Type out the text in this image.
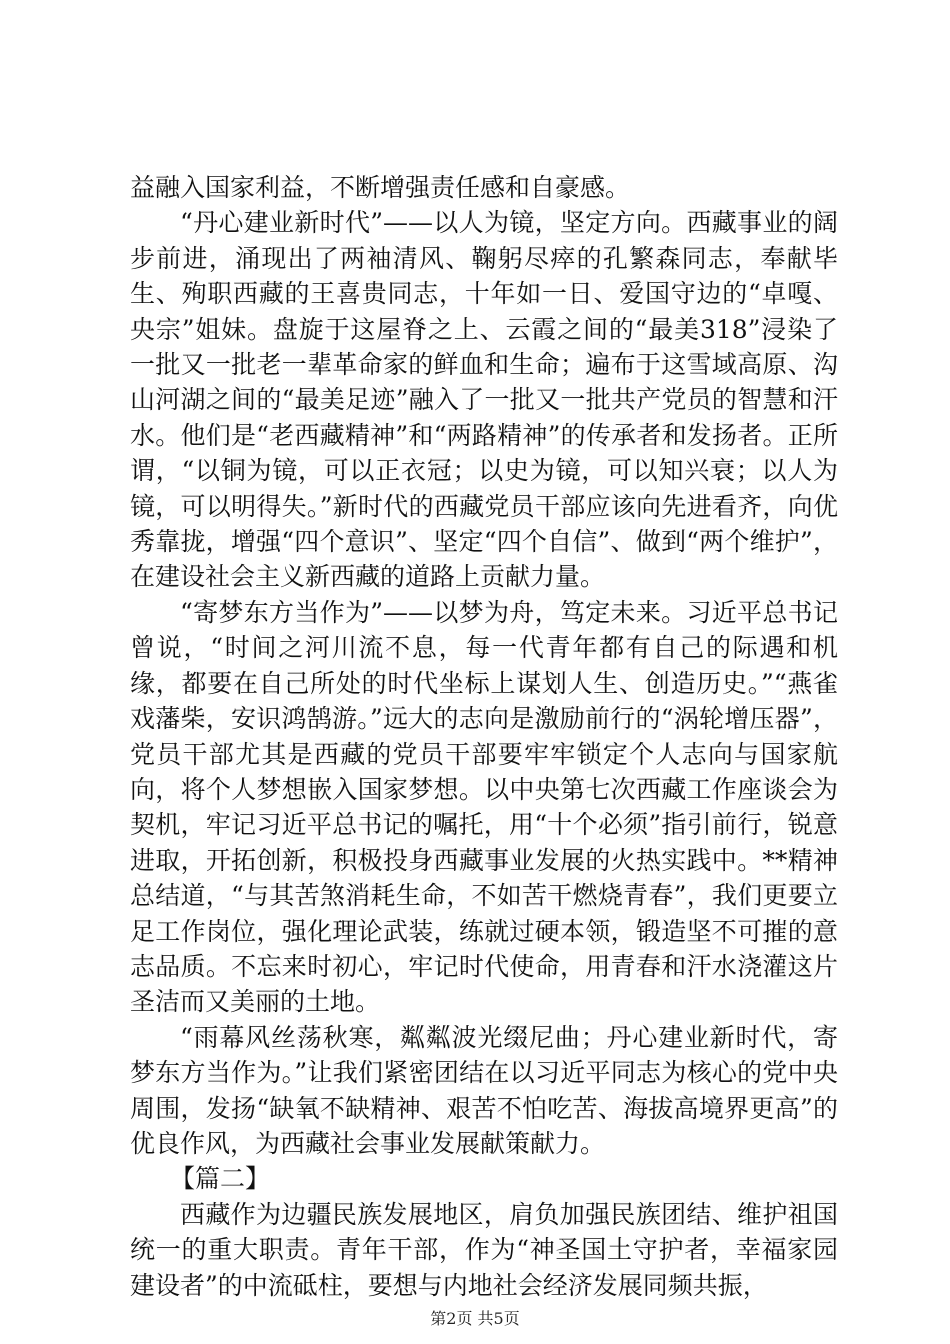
益融入国家利益，不断增强责任感和自豪感。

“丹心建业新时代”——以人为镜，坚定方向。西藏事业的阔步前进，涌现出了两袖清风、鞠躬尽瘁的孔繁森同志，奉献毕生、殉职西藏的王喜贵同志，十年如一日、爱国守边的“卓嘎、央宗”姐妹。盘旋于这屋脊之上、云霞之间的“最美318”浸染了一批又一批老一辈革命家的鲜血和生命；遍布于这雪域高原、沟山河湖之间的“最美足迹”融入了一批又一批共产党员的智慧和汗水。他们是“老西藏精神”和“两路精神”的传承者和发扬者。正所谓，“以铜为镜，可以正衣冠；以史为镜，可以知兴衰；以人为镜，可以明得失。”新时代的西藏党员干部应该向先进看齐，向优秀靠拢，增强“四个意识”、坚定“四个自信”、做到“两个维护”，在建设社会主义新西藏的道路上贡献力量。

“寄梦东方当作为”——以梦为舟，笃定未来。习近平总书记曾说，“时间之河川流不息，每一代青年都有自己的际遇和机缘，都要在自己所处的时代坐标上谋划人生、创造历史。”“燕雀戏藩柴，安识鸿鹄游。”远大的志向是激励前行的“涡轮增压器”，党员干部尤其是西藏的党员干部要牢牢锁定个人志向与国家航向，将个人梦想嵌入国家梦想。以中央第七次西藏工作座谈会为契机，牢记习近平总书记的嘱托，用“十个必须”指引前行，锐意进取，开拓创新，积极投身西藏事业发展的火热实践中。**精神总结道，“与其苦煞消耗生命，不如苦干燃烧青春”，我们更要立足工作岗位，强化理论武装，练就过硬本领，锻造坚不可摧的意志品质。不忘来时初心，牢记时代使命，用青春和汗水浇灌这片圣洁而又美丽的土地。

“雨幕风丝荡秋寒，粼粼波光缀尼曲；丹心建业新时代，寄梦东方当作为。”让我们紧密团结在以习近平同志为核心的党中央周围，发扬“缺氧不缺精神、艰苦不怕吃苦、海拔高境界更高”的优良作风，为西藏社会事业发展献策献力。

【篇二】

西藏作为边疆民族发展地区，肩负加强民族团结、维护祖国统一的重大职责。青年干部，作为“神圣国土守护者，幸福家园建设者”的中流砥柱，要想与内地社会经济发展同频共振，

第2页 共5页
